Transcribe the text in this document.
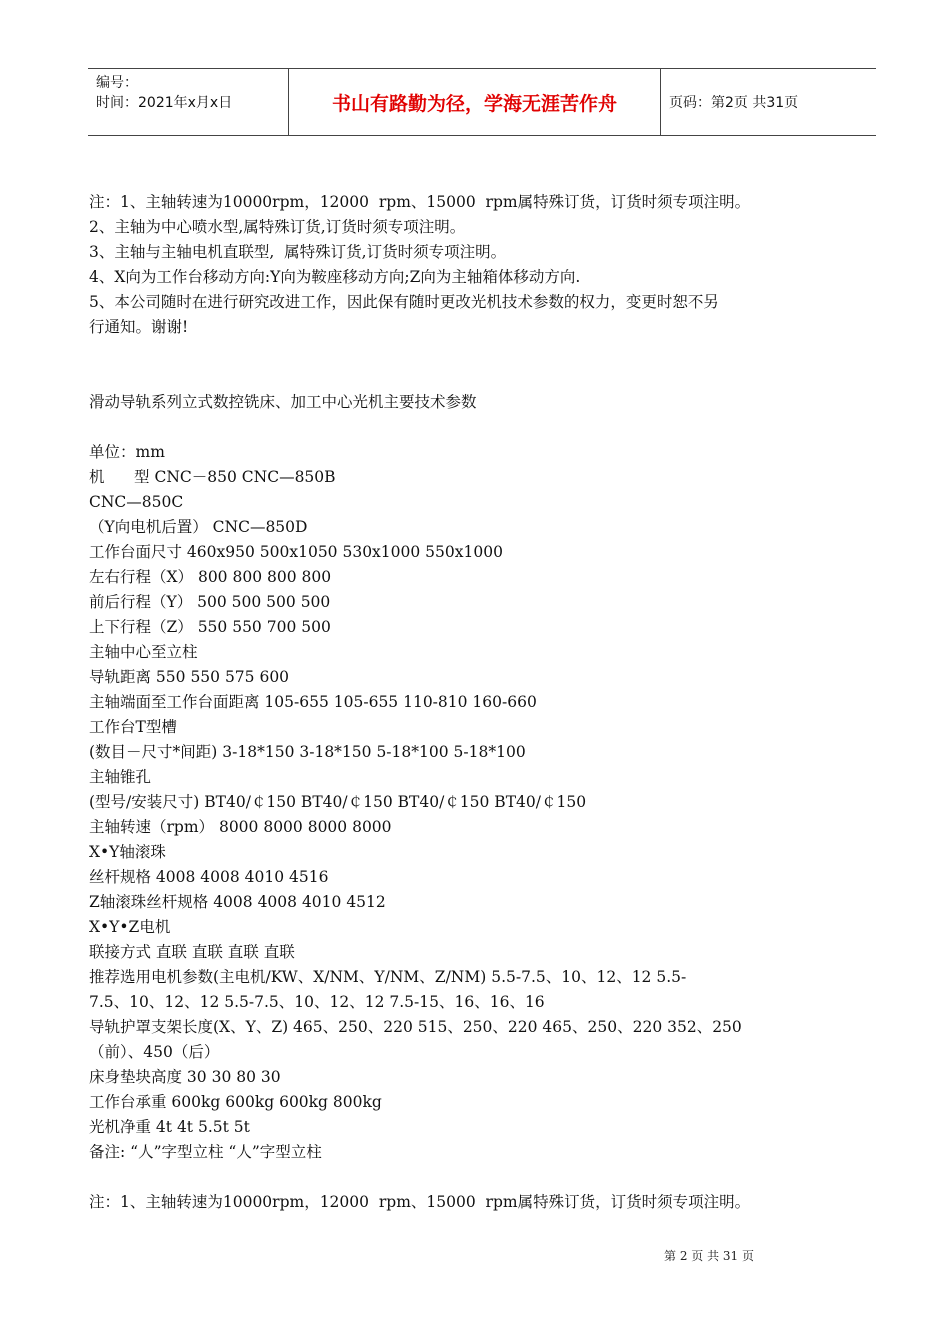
编号：
时间：2021年x月x日	书山有路勤为径，学海无涯苦作舟	页码：第2页 共31页

注：1、主轴转速为10000rpm，12000  rpm、15000  rpm属特殊订货，订货时须专项注明。

2、主轴为中心喷水型,属特殊订货,订货时须专项注明。

3、主轴与主轴电机直联型,  属特殊订货,订货时须专项注明。

4、X向为工作台移动方向:Y向为鞍座移动方向;Z向为主轴箱体移动方向.

5、本公司随时在进行研究改进工作，因此保有随时更改光机技术参数的权力，变更时恕不另

行通知。谢谢!

滑动导轨系列立式数控铣床、加工中心光机主要技术参数

单位：mm

机      型 CNC－850 CNC—850B

CNC—850C

（Y向电机后置） CNC—850D

工作台面尺寸 460x950 500x1050 530x1000 550x1000

左右行程（X） 800 800 800 800

前后行程（Y） 500 500 500 500

上下行程（Z） 550 550 700 500

主轴中心至立柱

导轨距离 550 550 575 600

主轴端面至工作台面距离 105-655 105-655 110-810 160-660

工作台T型槽

(数目－尺寸*间距) 3-18*150 3-18*150 5-18*100 5-18*100

主轴锥孔

(型号/安装尺寸) BT40/￠150 BT40/￠150 BT40/￠150 BT40/￠150

主轴转速（rpm） 8000 8000 8000 8000

X•Y轴滚珠

丝杆规格 4008 4008 4010 4516

Z轴滚珠丝杆规格 4008 4008 4010 4512

X•Y•Z电机

联接方式 直联 直联 直联 直联

推荐选用电机参数(主电机/KW、X/NM、Y/NM、Z/NM) 5.5-7.5、10、12、12 5.5-

7.5、10、12、12 5.5-7.5、10、12、12 7.5-15、16、16、16

导轨护罩支架长度(X、Y、Z) 465、250、220 515、250、220 465、250、220 352、250

（前）、450（后）

床身垫块高度 30 30 80 30

工作台承重 600kg 600kg 600kg 800kg

光机净重 4t 4t 5.5t 5t

备注: “人”字型立柱 “人”字型立柱

注：1、主轴转速为10000rpm，12000  rpm、15000  rpm属特殊订货，订货时须专项注明。

第 2 页 共 31 页
